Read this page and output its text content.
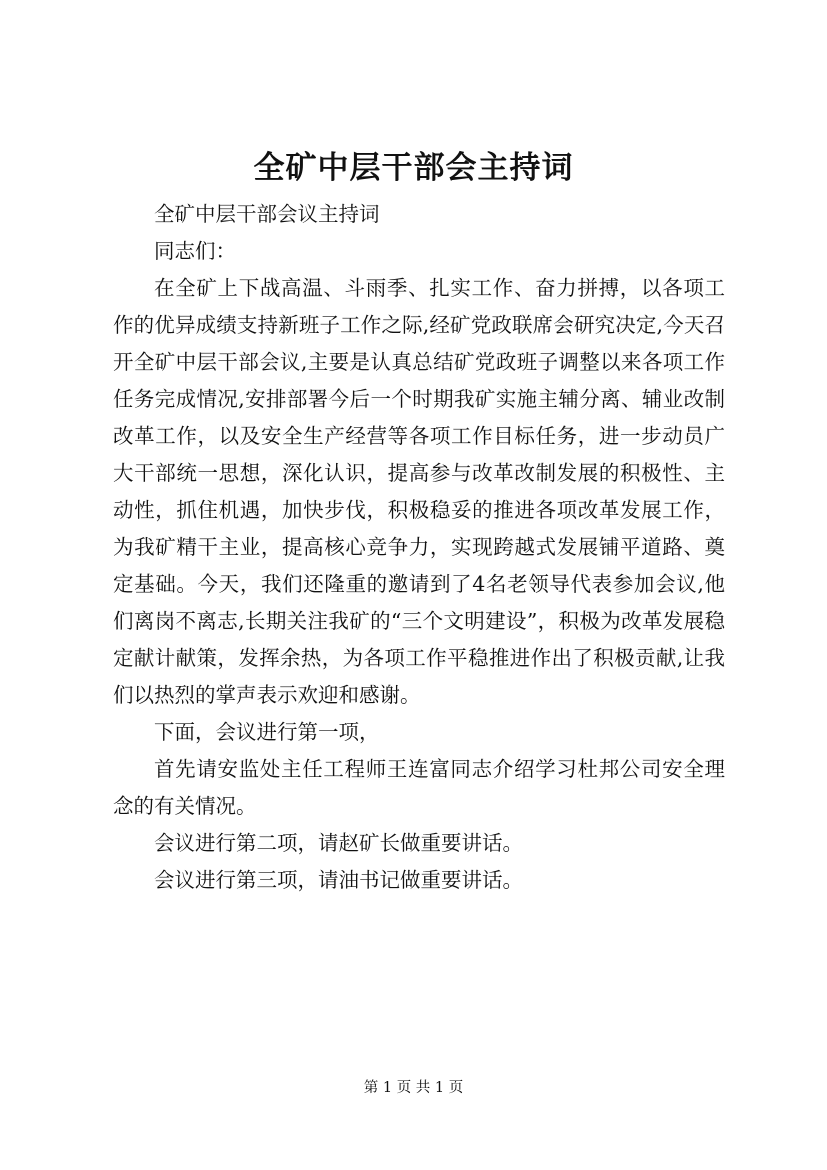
全矿中层干部会主持词

全矿中层干部会议主持词

同志们：

在全矿上下战高温、斗雨季、扎实工作、奋力拼搏，以各项工作的优异成绩支持新班子工作之际,经矿党政联席会研究决定,今天召开全矿中层干部会议,主要是认真总结矿党政班子调整以来各项工作任务完成情况,安排部署今后一个时期我矿实施主辅分离、辅业改制改革工作，以及安全生产经营等各项工作目标任务，进一步动员广大干部统一思想，深化认识，提高参与改革改制发展的积极性、主动性，抓住机遇，加快步伐，积极稳妥的推进各项改革发展工作，为我矿精干主业，提高核心竞争力，实现跨越式发展铺平道路、奠定基础。今天，我们还隆重的邀请到了4名老领导代表参加会议,他们离岗不离志,长期关注我矿的“三个文明建设”，积极为改革发展稳定献计献策，发挥余热，为各项工作平稳推进作出了积极贡献,让我们以热烈的掌声表示欢迎和感谢。

下面，会议进行第一项，

首先请安监处主任工程师王连富同志介绍学习杜邦公司安全理念的有关情况。

会议进行第二项，请赵矿长做重要讲话。

会议进行第三项，请油书记做重要讲话。

第 1 页 共 1 页
